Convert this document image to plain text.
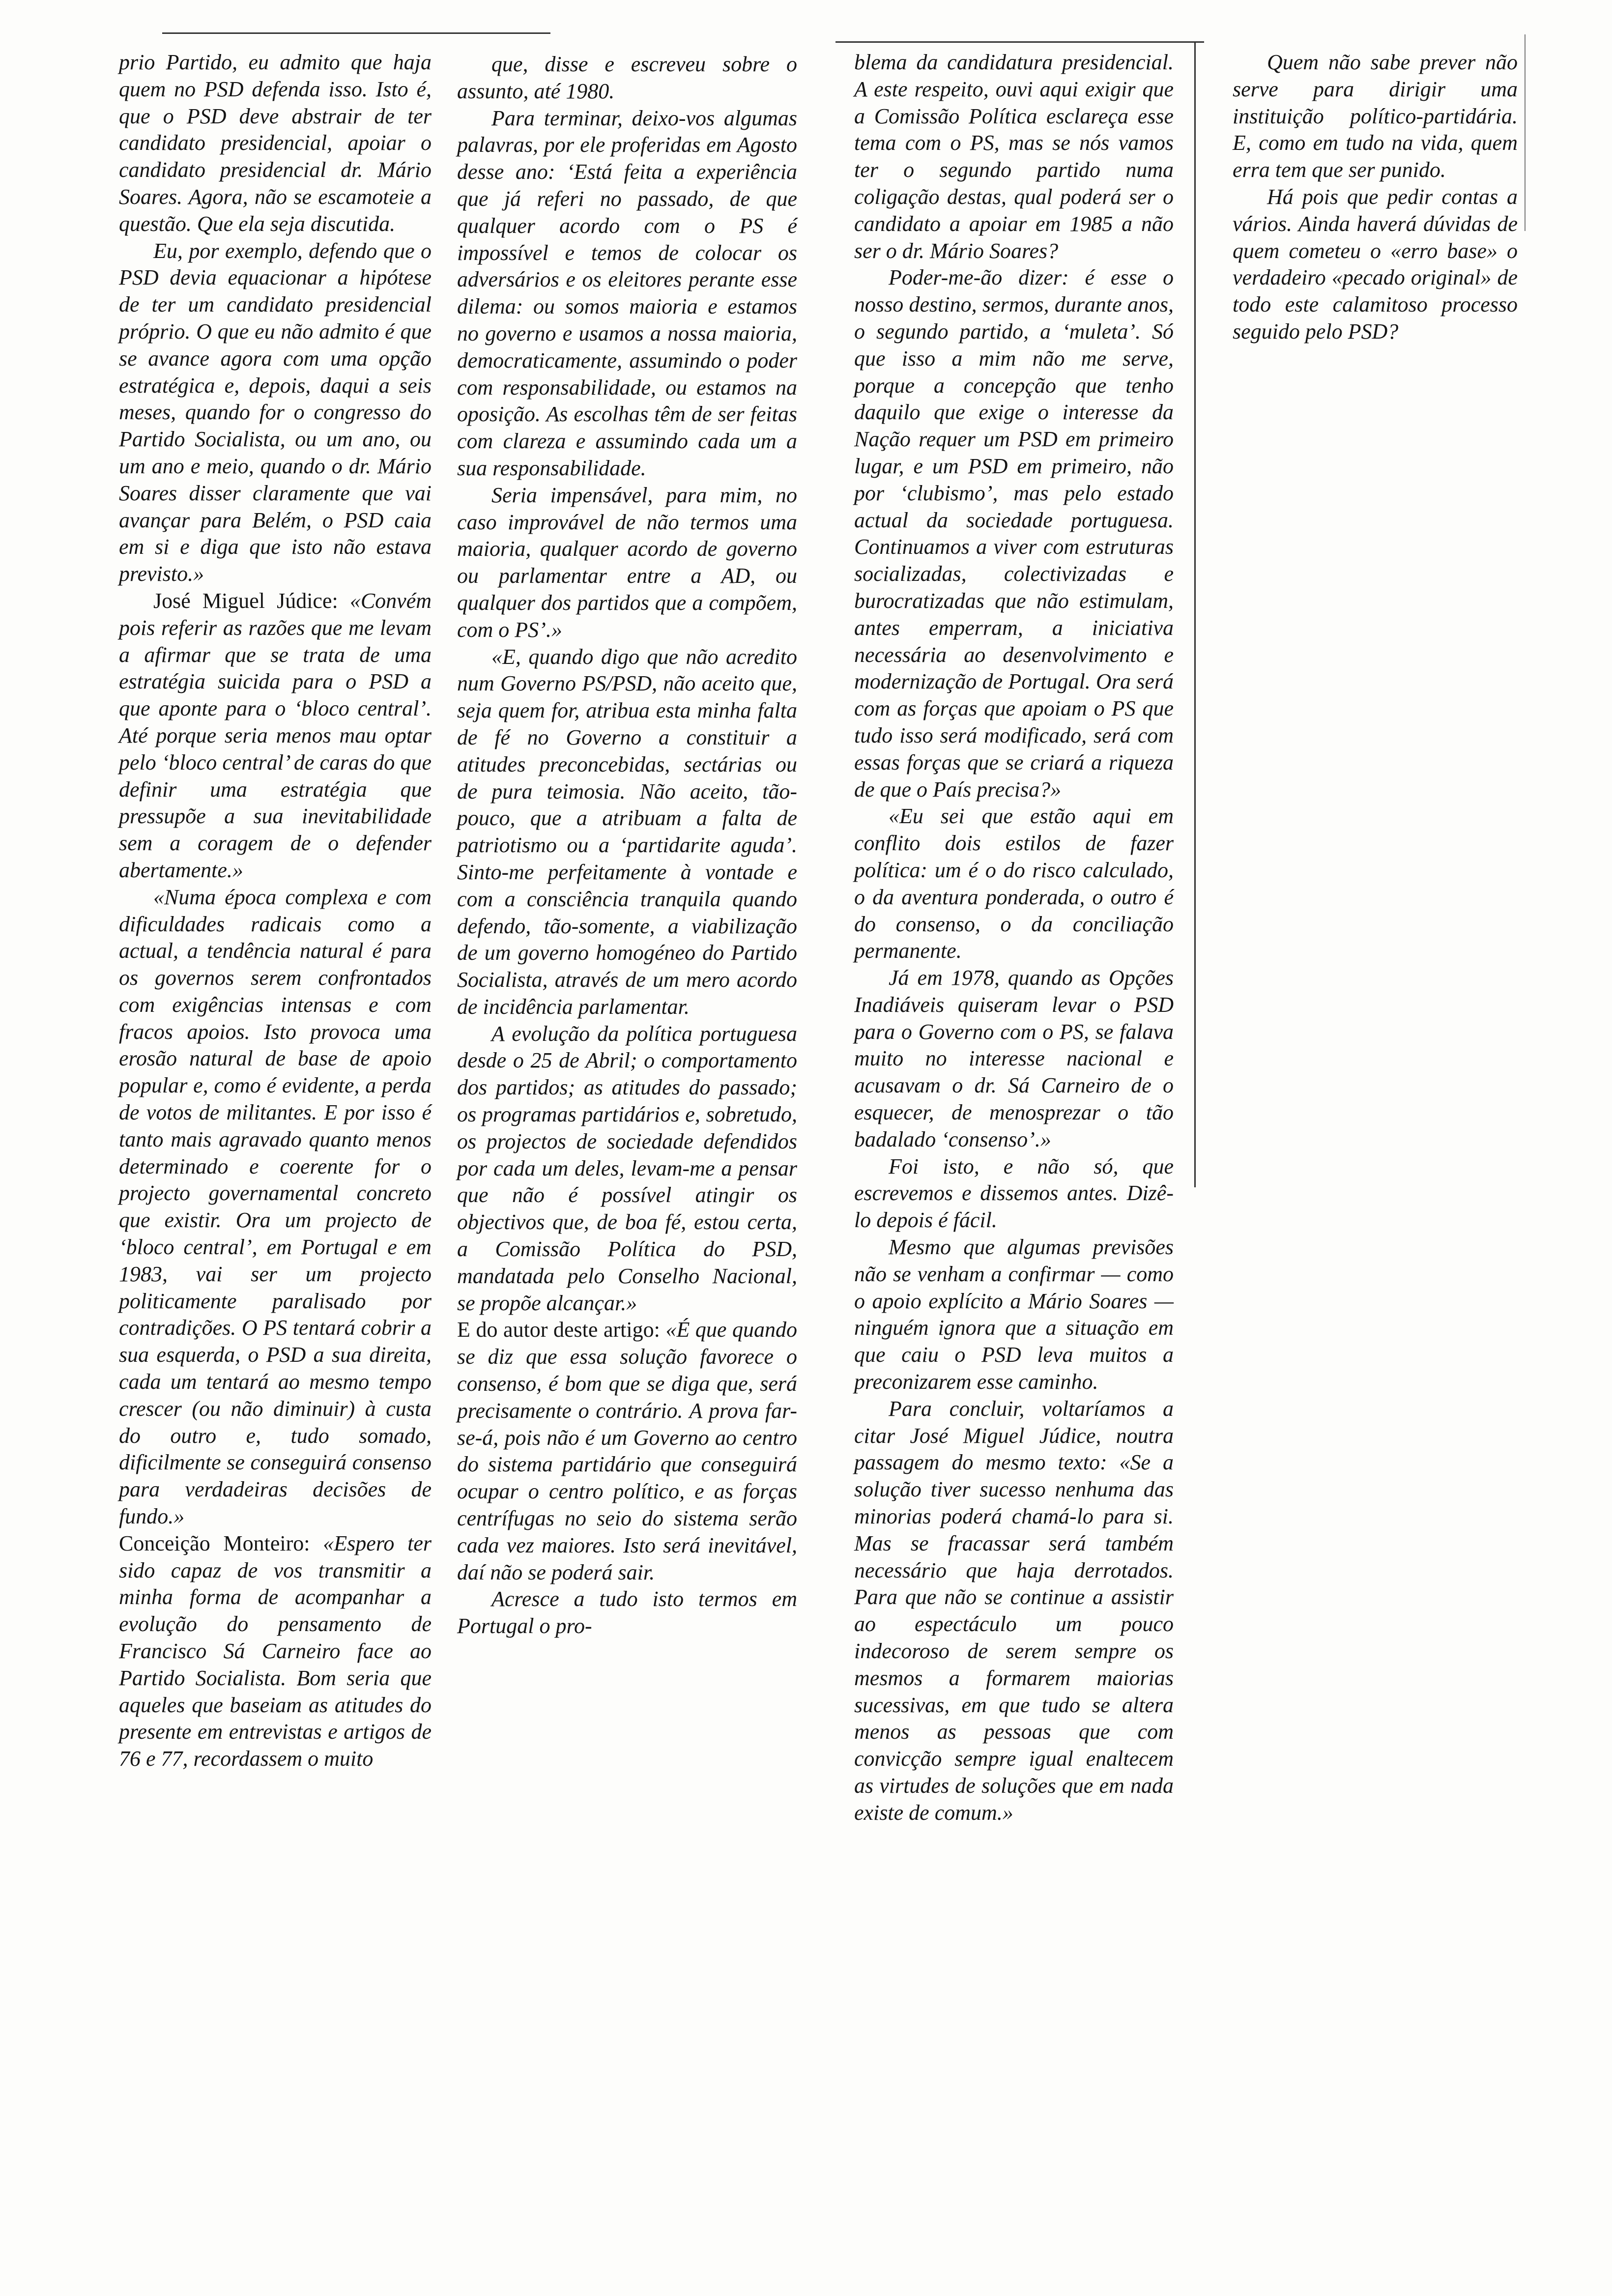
prio Partido, eu admito que haja quem no PSD defenda isso. Isto é, que o PSD deve abstrair de ter candidato presidencial, apoiar o candidato presidencial dr. Mário Soares. Agora, não se escamoteie a questão. Que ela seja discutida.

Eu, por exemplo, defendo que o PSD devia equacionar a hipótese de ter um candidato presidencial próprio. O que eu não admito é que se avance agora com uma opção estratégica e, depois, daqui a seis meses, quando for o congresso do Partido Socialista, ou um ano, ou um ano e meio, quando o dr. Mário Soares disser claramente que vai avançar para Belém, o PSD caia em si e diga que isto não estava previsto.»

José Miguel Júdice: «Convém pois referir as razões que me levam a afirmar que se trata de uma estratégia suicida para o PSD a que aponte para o ‘bloco central’. Até porque seria menos mau optar pelo ‘bloco central’ de caras do que definir uma estratégia que pressupõe a sua inevitabilidade sem a coragem de o defender abertamente.»

«Numa época complexa e com dificuldades radicais como a actual, a tendência natural é para os governos serem confrontados com exigências intensas e com fracos apoios. Isto provoca uma erosão natural de base de apoio popular e, como é evidente, a perda de votos de militantes. E por isso é tanto mais agravado quanto menos determinado e coerente for o projecto governamental concreto que existir. Ora um projecto de ‘bloco central’, em Portugal e em 1983, vai ser um projecto politicamente paralisado por contradições. O PS tentará cobrir a sua esquerda, o PSD a sua direita, cada um tentará ao mesmo tempo crescer (ou não diminuir) à custa do outro e, tudo somado, dificilmente se conseguirá consenso para verdadeiras decisões de fundo.»

Conceição Monteiro: «Espero ter sido capaz de vos transmitir a minha forma de acompanhar a evolução do pensamento de Francisco Sá Carneiro face ao Partido Socialista. Bom seria que aqueles que baseiam as atitudes do presente em entrevistas e artigos de 76 e 77, recordassem o muito

que, disse e escreveu sobre o assunto, até 1980.

Para terminar, deixo-vos algumas palavras, por ele proferidas em Agosto desse ano: ‘Está feita a experiência que já referi no passado, de que qualquer acordo com o PS é impossível e temos de colocar os adversários e os eleitores perante esse dilema: ou somos maioria e estamos no governo e usamos a nossa maioria, democraticamente, assumindo o poder com responsabilidade, ou estamos na oposição. As escolhas têm de ser feitas com clareza e assumindo cada um a sua responsabilidade.

Seria impensável, para mim, no caso improvável de não termos uma maioria, qualquer acordo de governo ou parlamentar entre a AD, ou qualquer dos partidos que a compõem, com o PS’.»

«E, quando digo que não acredito num Governo PS/PSD, não aceito que, seja quem for, atribua esta minha falta de fé no Governo a constituir a atitudes preconcebidas, sectárias ou de pura teimosia. Não aceito, tão-pouco, que a atribuam a falta de patriotismo ou a ‘partidarite aguda’. Sinto-me perfeitamente à vontade e com a consciência tranquila quando defendo, tão-somente, a viabilização de um governo homogéneo do Partido Socialista, através de um mero acordo de incidência parlamentar.

A evolução da política portuguesa desde o 25 de Abril; o comportamento dos partidos; as atitudes do passado; os programas partidários e, sobretudo, os projectos de sociedade defendidos por cada um deles, levam-me a pensar que não é possível atingir os objectivos que, de boa fé, estou certa, a Comissão Política do PSD, mandatada pelo Conselho Nacional, se propõe alcançar.»

E do autor deste artigo: «É que quando se diz que essa solução favorece o consenso, é bom que se diga que, será precisamente o contrário. A prova far-se-á, pois não é um Governo ao centro do sistema partidário que conseguirá ocupar o centro político, e as forças centrífugas no seio do sistema serão cada vez maiores. Isto será inevitável, daí não se poderá sair.

Acresce a tudo isto termos em Portugal o pro-

blema da candidatura presidencial. A este respeito, ouvi aqui exigir que a Comissão Política esclareça esse tema com o PS, mas se nós vamos ter o segundo partido numa coligação destas, qual poderá ser o candidato a apoiar em 1985 a não ser o dr. Mário Soares?

Poder-me-ão dizer: é esse o nosso destino, sermos, durante anos, o segundo partido, a ‘muleta’. Só que isso a mim não me serve, porque a concepção que tenho daquilo que exige o interesse da Nação requer um PSD em primeiro lugar, e um PSD em primeiro, não por ‘clubismo’, mas pelo estado actual da sociedade portuguesa. Continuamos a viver com estruturas socializadas, colectivizadas e burocratizadas que não estimulam, antes emperram, a iniciativa necessária ao desenvolvimento e modernização de Portugal. Ora será com as forças que apoiam o PS que tudo isso será modificado, será com essas forças que se criará a riqueza de que o País precisa?»

«Eu sei que estão aqui em conflito dois estilos de fazer política: um é o do risco calculado, o da aventura ponderada, o outro é do consenso, o da conciliação permanente.

Já em 1978, quando as Opções Inadiáveis quiseram levar o PSD para o Governo com o PS, se falava muito no interesse nacional e acusavam o dr. Sá Carneiro de o esquecer, de menosprezar o tão badalado ‘consenso’.»

Foi isto, e não só, que escrevemos e dissemos antes. Dizê-lo depois é fácil.

Mesmo que algumas previsões não se venham a confirmar — como o apoio explícito a Mário Soares — ninguém ignora que a situação em que caiu o PSD leva muitos a preconizarem esse caminho.

Para concluir, voltaríamos a citar José Miguel Júdice, noutra passagem do mesmo texto: «Se a solução tiver sucesso nenhuma das minorias poderá chamá-lo para si. Mas se fracassar será também necessário que haja derrotados. Para que não se continue a assistir ao espectáculo um pouco indecoroso de serem sempre os mesmos a formarem maiorias sucessivas, em que tudo se altera menos as pessoas que com convicção sempre igual enaltecem as virtudes de soluções que em nada existe de comum.»

Quem não sabe prever não serve para dirigir uma instituição político-partidária. E, como em tudo na vida, quem erra tem que ser punido.

Há pois que pedir contas a vários. Ainda haverá dúvidas de quem cometeu o «erro base» o verdadeiro «pecado original» de todo este calamitoso processo seguido pelo PSD?
